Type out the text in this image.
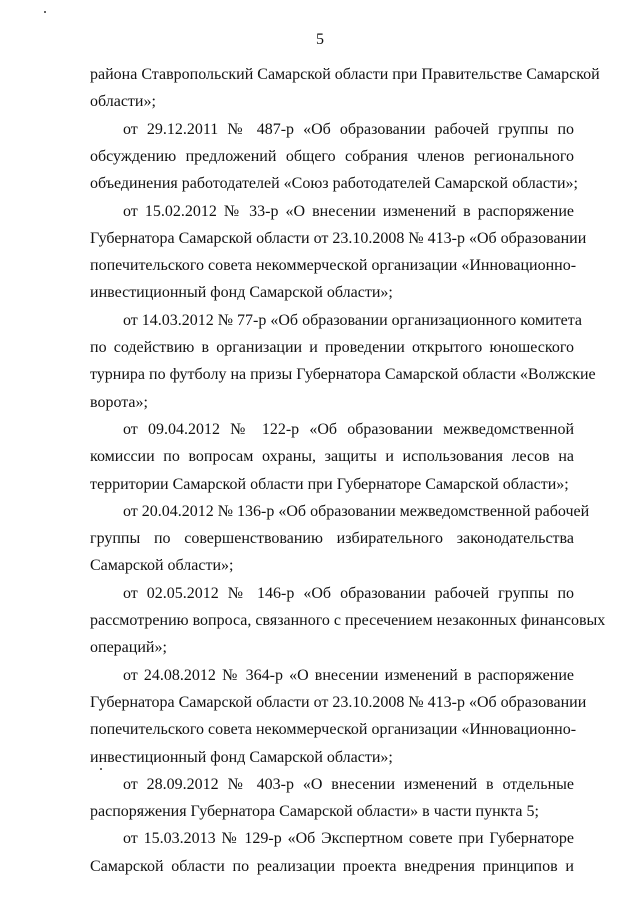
5
района Ставропольский Самарской области при Правительстве Самарской
области»;
от 29.12.2011 № 487-р «Об образовании рабочей группы по
обсуждению предложений общего собрания членов регионального
объединения работодателей «Союз работодателей Самарской области»;
от 15.02.2012 № 33-р «О внесении изменений в распоряжение
Губернатора Самарской области от 23.10.2008 № 413-р «Об образовании
попечительского совета некоммерческой организации «Инновационно-
инвестиционный фонд Самарской области»;
от 14.03.2012 № 77-р «Об образовании организационного комитета
по содействию в организации и проведении открытого юношеского
турнира по футболу на призы Губернатора Самарской области «Волжские
ворота»;
от 09.04.2012 № 122-р «Об образовании межведомственной
комиссии по вопросам охраны, защиты и использования лесов на
территории Самарской области при Губернаторе Самарской области»;
от 20.04.2012 № 136-р «Об образовании межведомственной рабочей
группы по совершенствованию избирательного законодательства
Самарской области»;
от 02.05.2012 № 146-р «Об образовании рабочей группы по
рассмотрению вопроса, связанного с пресечением незаконных финансовых
операций»;
от 24.08.2012 № 364-р «О внесении изменений в распоряжение
Губернатора Самарской области от 23.10.2008 № 413-р «Об образовании
попечительского совета некоммерческой организации «Инновационно-
инвестиционный фонд Самарской области»;
от 28.09.2012 № 403-р «О внесении изменений в отдельные
распоряжения Губернатора Самарской области» в части пункта 5;
от 15.03.2013 № 129-р «Об Экспертном совете при Губернаторе
Самарской области по реализации проекта внедрения принципов и
